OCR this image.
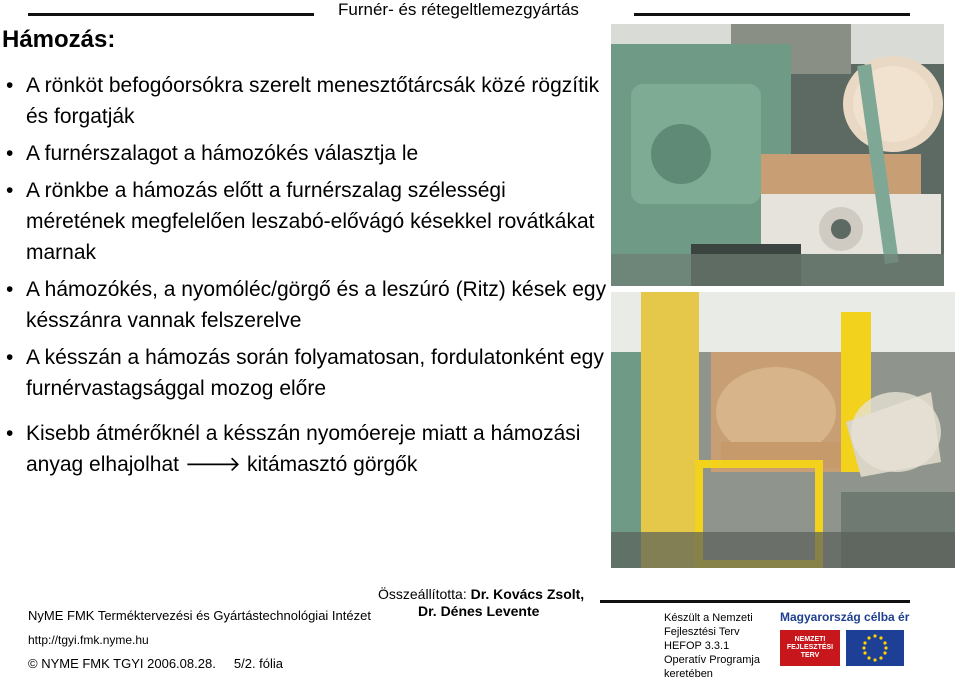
Furnér- és rétegeltlemezgyártás
Hámozás:
• A rönköt befogóorsókra szerelt menesztőtárcsák közé rögzítik és forgatják
• A furnérszalagot a hámozókés választja le
• A rönkbe a hámozás előtt a furnérszalag szélességi méretének megfelelően leszabó-elővágó késekkel rovátkákat marnak
• A hámozókés, a nyomóléc/görgő és a leszúró (Ritz) kések egy késszánra vannak felszerelve
• A késszán a hámozás során folyamatosan, fordulatonként egy furnérvastagsággal mozog előre
• Kisebb átmérőknél a késszán nyomóereje miatt a hámozási anyag elhajolhat 🡒 kitámasztó görgők
Összeállította: Dr. Kovács Zsolt,
Dr. Dénes Levente
NyME FMK Terméktervezési és Gyártástechnológiai Intézet
http://tgyi.fmk.nyme.hu
© NYME FMK TGYI 2006.08.28. 5/2. fólia
Készült a Nemzeti Fejlesztési Terv HEFOP 3.3.1 Operatív Programja keretében
Magyarország célba ér
NEMZETI FEJLESZTÉSI TERV
